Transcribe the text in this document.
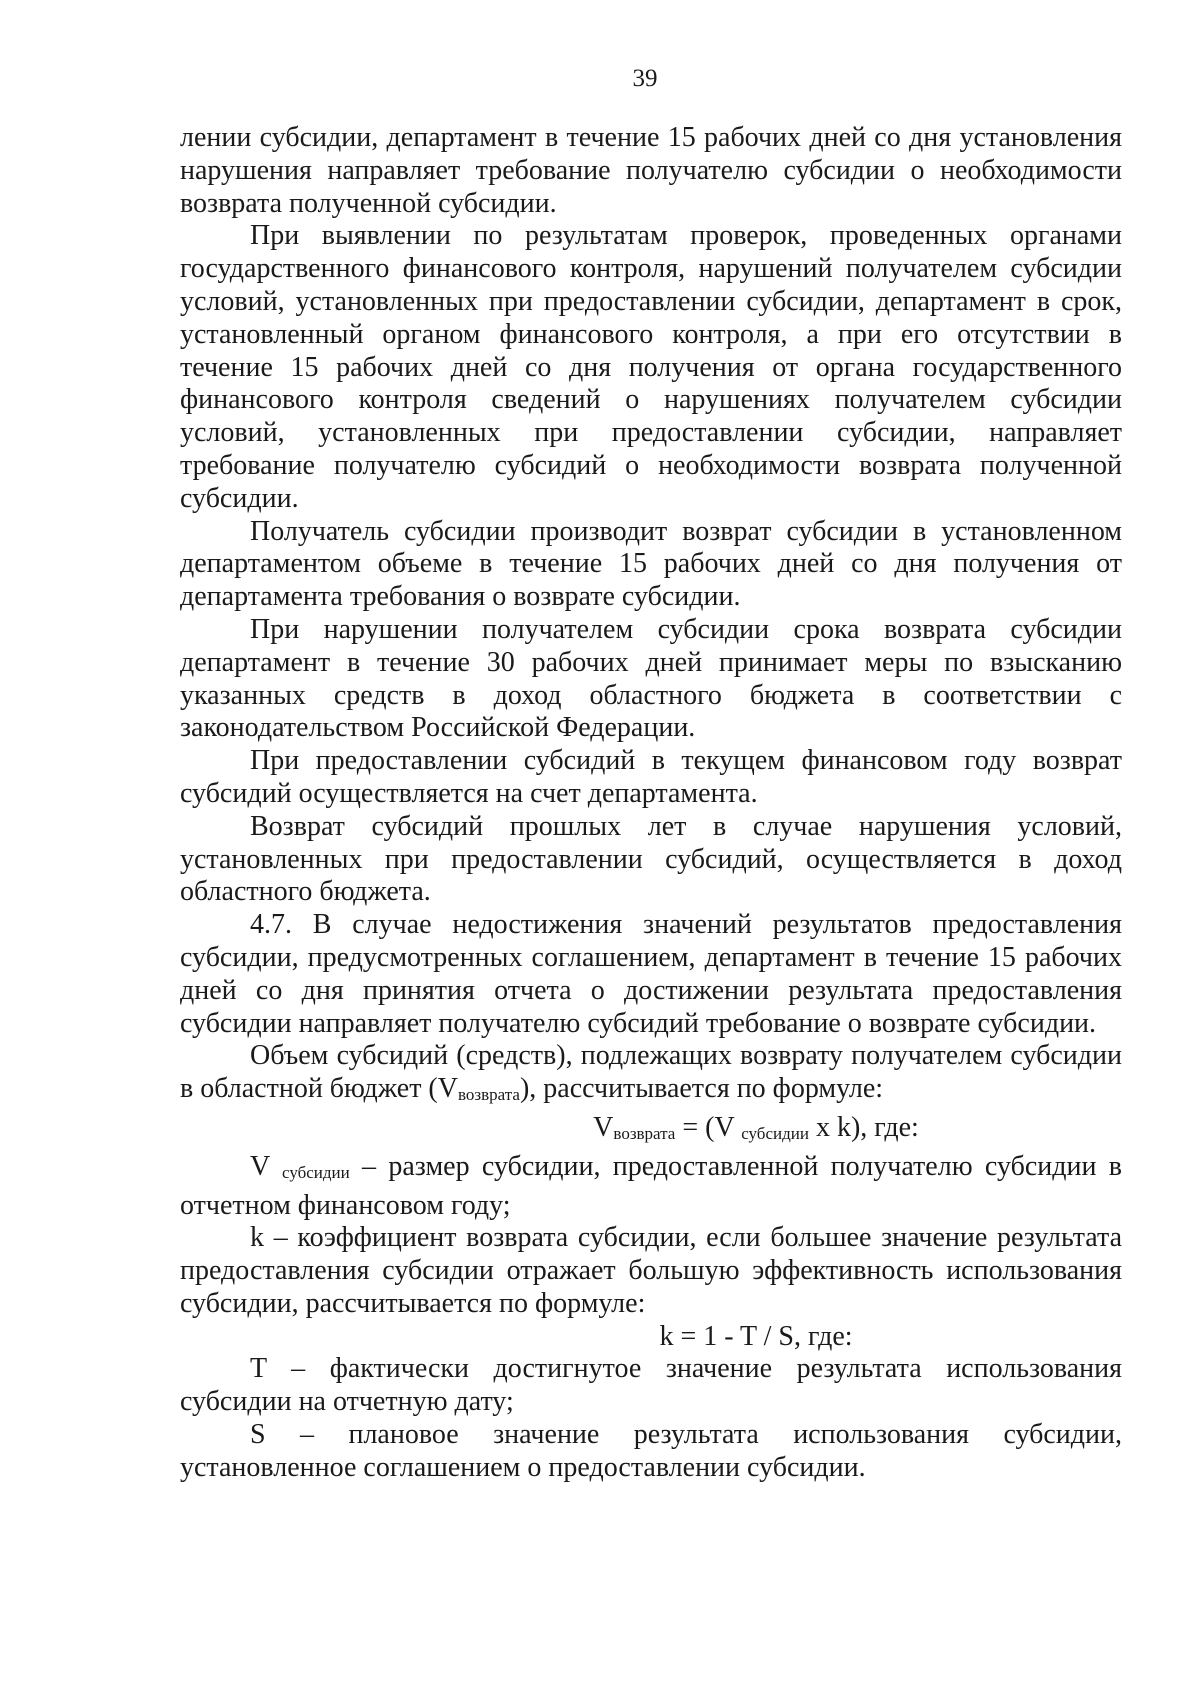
39

лении субсидии, департамент в течение 15 рабочих дней со дня установления нарушения направляет требование получателю субсидии о необходимости возврата полученной субсидии.

При выявлении по результатам проверок, проведенных органами государственного финансового контроля, нарушений получателем субсидии условий, установленных при предоставлении субсидии, департамент в срок, установленный органом финансового контроля, а при его отсутствии в течение 15 рабочих дней со дня получения от органа государственного финансового контроля сведений о нарушениях получателем субсидии условий, установленных при предоставлении субсидии, направляет требование получателю субсидий о необходимости возврата полученной субсидии.

Получатель субсидии производит возврат субсидии в установленном департаментом объеме в течение 15 рабочих дней со дня получения от департамента требования о возврате субсидии.

При нарушении получателем субсидии срока возврата субсидии департамент в течение 30 рабочих дней принимает меры по взысканию указанных средств в доход областного бюджета в соответствии с законодательством Российской Федерации.

При предоставлении субсидий в текущем финансовом году возврат субсидий осуществляется на счет департамента.

Возврат субсидий прошлых лет в случае нарушения условий, установленных при предоставлении субсидий, осуществляется в доход областного бюджета.

4.7. В случае недостижения значений результатов предоставления субсидии, предусмотренных соглашением, департамент в течение 15 рабочих дней со дня принятия отчета о достижении результата предоставления субсидии направляет получателю субсидий требование о возврате субсидии.

Объем субсидий (средств), подлежащих возврату получателем субсидии в областной бюджет (Vвозврата), рассчитывается по формуле:

Vвозврата = (V субсидии x k), где:

V субсидии – размер субсидии, предоставленной получателю субсидии в отчетном финансовом году;

k – коэффициент возврата субсидии, если большее значение результата предоставления субсидии отражает большую эффективность использования субсидии, рассчитывается по формуле:

k = 1 - T / S, где:

T – фактически достигнутое значение результата использования субсидии на отчетную дату;

S – плановое значение результата использования субсидии, установленное соглашением о предоставлении субсидии.
